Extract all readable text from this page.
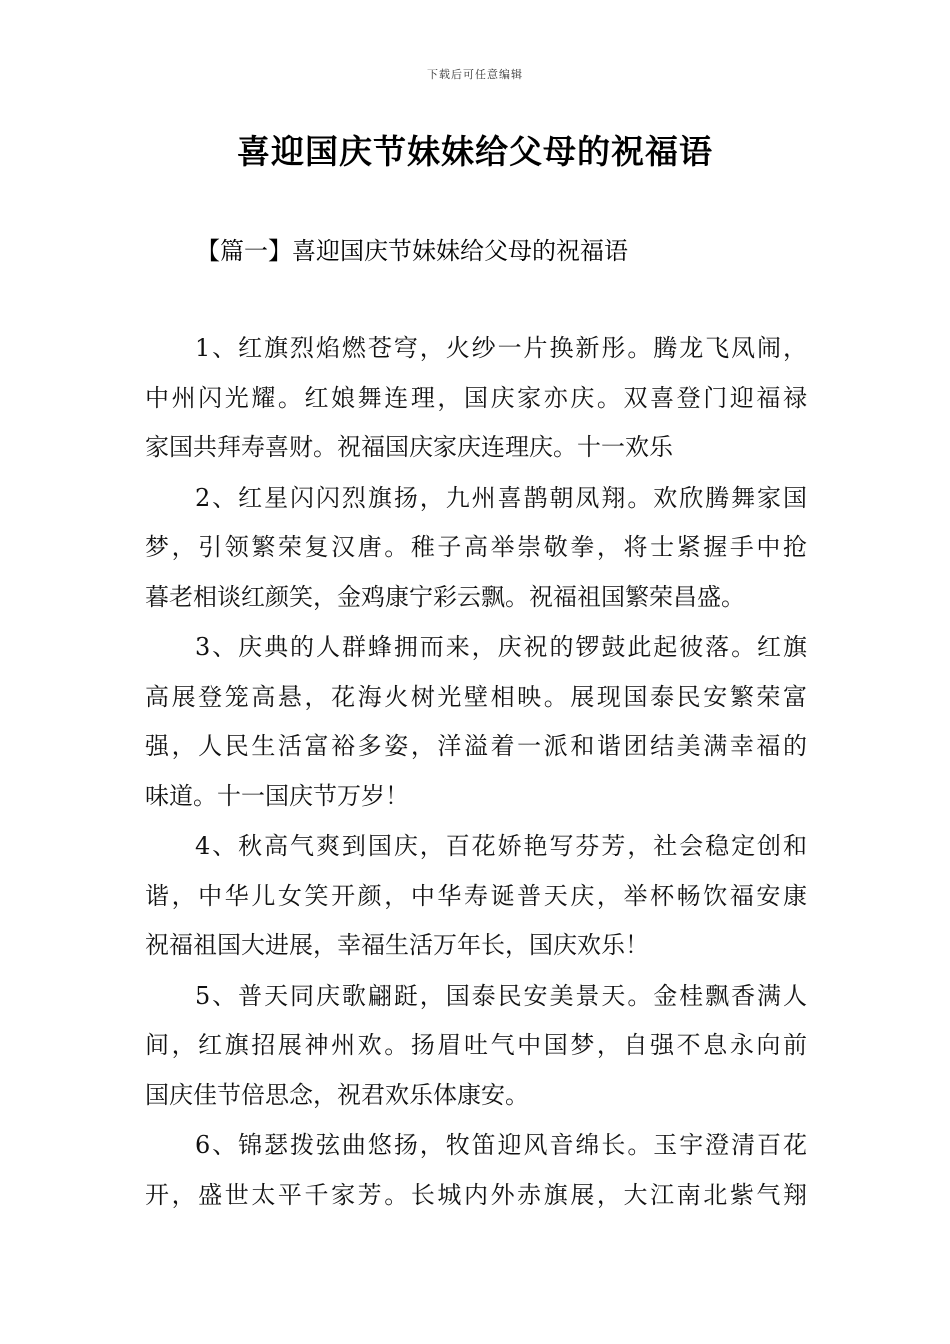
下载后可任意编辑
喜迎国庆节妹妹给父母的祝福语
【篇一】喜迎国庆节妹妹给父母的祝福语
1、红旗烈焰燃苍穹，火纱一片换新彤。腾龙飞凤闹，
中州闪光耀。红娘舞连理，国庆家亦庆。双喜登门迎福禄
家国共拜寿喜财。祝福国庆家庆连理庆。十一欢乐
2、红星闪闪烈旗扬，九州喜鹊朝凤翔。欢欣腾舞家国
梦，引领繁荣复汉唐。稚子高举崇敬拳，将士紧握手中抢
暮老相谈红颜笑，金鸡康宁彩云飘。祝福祖国繁荣昌盛。
3、庆典的人群蜂拥而来，庆祝的锣鼓此起彼落。红旗
高展登笼高悬，花海火树光壁相映。展现国泰民安繁荣富
强，人民生活富裕多姿，洋溢着一派和谐团结美满幸福的
味道。十一国庆节万岁！
4、秋高气爽到国庆，百花娇艳写芬芳，社会稳定创和
谐，中华儿女笑开颜，中华寿诞普天庆，举杯畅饮福安康
祝福祖国大进展，幸福生活万年长，国庆欢乐！
5、普天同庆歌翩跹，国泰民安美景天。金桂飘香满人
间，红旗招展神州欢。扬眉吐气中国梦，自强不息永向前
国庆佳节倍思念，祝君欢乐体康安。
6、锦瑟拨弦曲悠扬，牧笛迎风音绵长。玉宇澄清百花
开，盛世太平千家芳。长城内外赤旗展，大江南北紫气翔
